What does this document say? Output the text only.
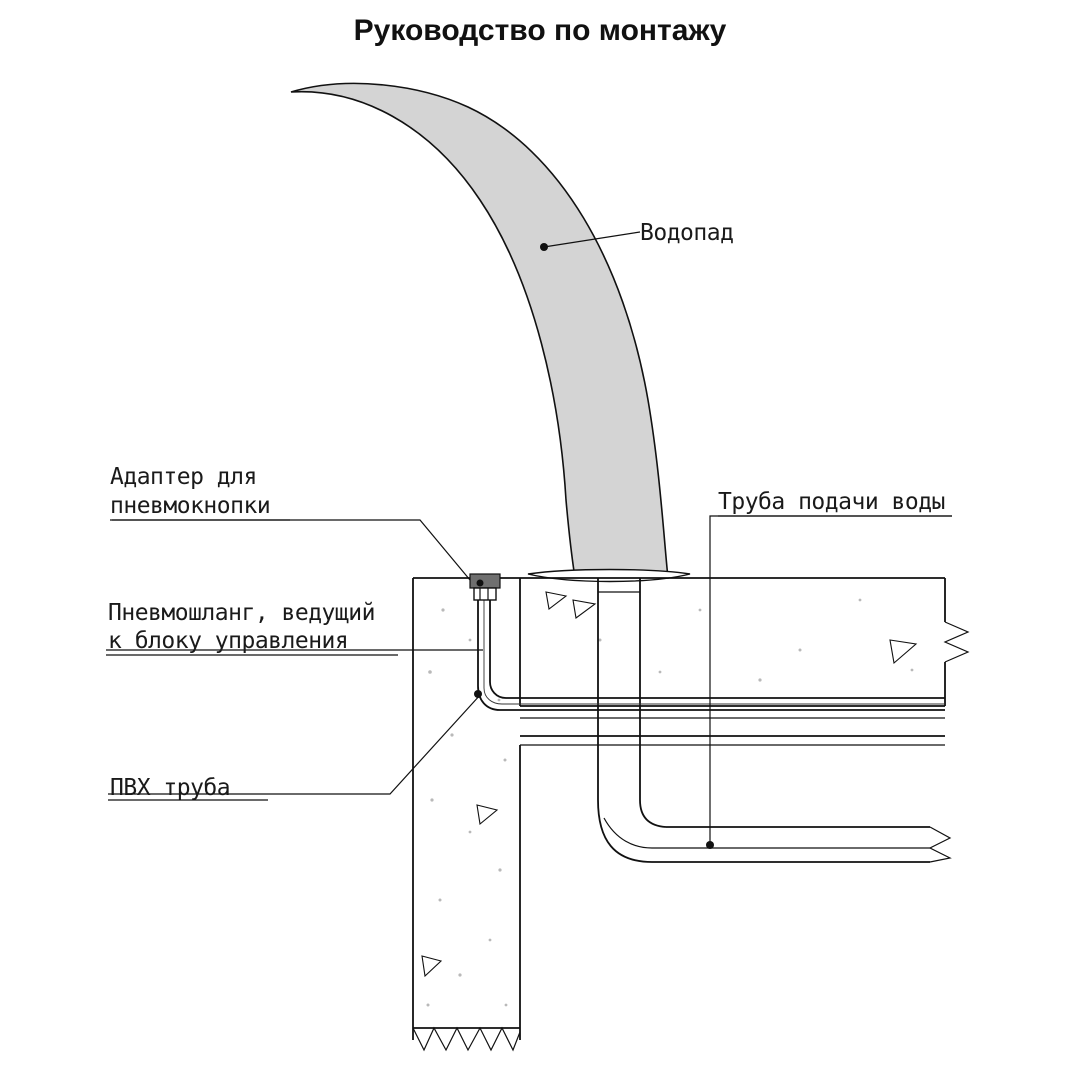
Руководство по монтажу
Водопад
Труба подачи воды
Адаптер для
пневмокнопки
Пневмошланг, ведущий
к блоку управления
ПВХ труба
